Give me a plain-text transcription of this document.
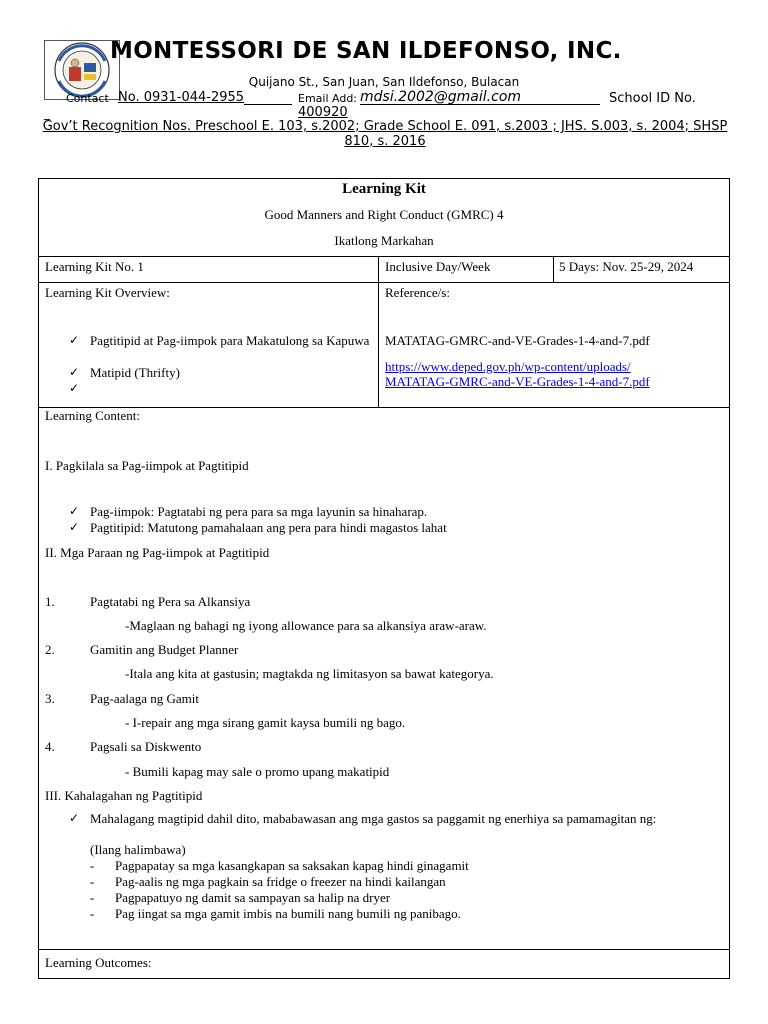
MONTESSORI DE SAN ILDEFONSO, INC.
Quijano St., San Juan, San Ildefonso, Bulacan
Contact No. 0931-044-2955	Email Add: mdsi.2002@gmail.com	School ID No.
400920
_
Gov’t Recognition Nos. Preschool E. 103, s.2002; Grade School E. 091, s.2003 ; JHS. S.003, s. 2004; SHSP 810, s. 2016
Learning Kit
Good Manners and Right Conduct (GMRC) 4
Ikatlong Markahan
Learning Kit No. 1	Inclusive Day/Week	5 Days: Nov. 25-29, 2024
Learning Kit Overview:
✓ Pagtitipid at Pag-iimpok para Makatulong sa Kapuwa
✓ Matipid (Thrifty)
✓
Reference/s:
MATATAG-GMRC-and-VE-Grades-1-4-and-7.pdf
https://www.deped.gov.ph/wp-content/uploads/
MATATAG-GMRC-and-VE-Grades-1-4-and-7.pdf
Learning Content:
I. Pagkilala sa Pag-iimpok at Pagtitipid
✓ Pag-iimpok: Pagtatabi ng pera para sa mga layunin sa hinaharap.
✓ Pagtitipid: Matutong pamahalaan ang pera para hindi magastos lahat
II. Mga Paraan ng Pag-iimpok at Pagtitipid
1.	Pagtatabi ng Pera sa Alkansiya
-Maglaan ng bahagi ng iyong allowance para sa alkansiya araw-araw.
2.	Gamitin ang Budget Planner
-Itala ang kita at gastusin; magtakda ng limitasyon sa bawat kategorya.
3.	Pag-aalaga ng Gamit
- I-repair ang mga sirang gamit kaysa bumili ng bago.
4.	Pagsali sa Diskwento
- Bumili kapag may sale o promo upang makatipid
III. Kahalagahan ng Pagtitipid
✓ Mahalagang magtipid dahil dito, mababawasan ang mga gastos sa paggamit ng enerhiya sa pamamagitan ng:
(Ilang halimbawa)
- Pagpapatay sa mga kasangkapan sa saksakan kapag hindi ginagamit
- Pag-aalis ng mga pagkain sa fridge o freezer na hindi kailangan
- Pagpapatuyo ng damit sa sampayan sa halip na dryer
- Pag iingat sa mga gamit imbis na bumili nang bumili ng panibago.
Learning Outcomes:
